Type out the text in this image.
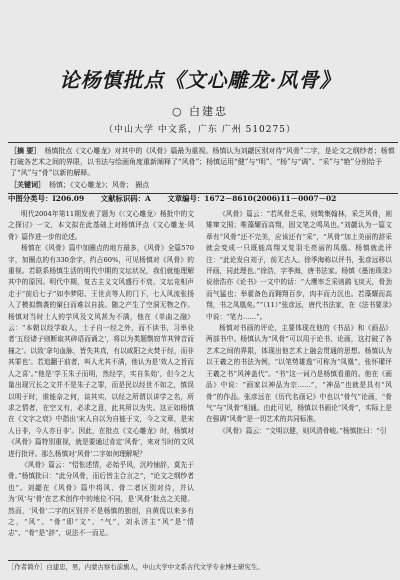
论杨慎批点《文心雕龙·风骨》
○ 白建忠
（中山大学 中文系，广东 广州 510275）
［摘 要］ 杨慎批点《文心雕龙》对其中的《风骨》篇最为重视。杨慎认为刘勰区别对待“风骨”二字，是论文之纲纱者；杨慎打破各艺术之间的界限，以书法与绘画角度重新阐释了“风骨”；杨慎运用“健”与“明”、“杨”与“调”、“采”与“艳”分别给予了“风”与“骨”以新的解释。
［关键词］ 杨慎；《文心雕龙》；风骨； 圈点
中图分类号：I206.09 文献标识码：A 文章编号：1672－8610(2006)11－0007－02

明代2004年第11期发表了题为《〈文心雕龙〉杨批中的文之探讨》一文，本文拟在此基础上对杨慎评点《文心雕龙·风骨》篇作进一步的论述。

杨慎在《风骨》篇中加圈点的地方最多，《风骨》全篇570字，加圈点的有330余字，约占60%，可见杨慎对《风骨》的重视。若联系杨慎生活的明代中期的文坛状况，我们就能理解其中的原因。明代中期，复古主义文风盛行不衰，文坛竞相声走于“前后七子”如李梦阳、王世贞等人的门下，七人风流张扬入了模拟剽袭的窠臼而难以自拔。随之产生了空洞无物之作。杨慎对当时士人的学风及文风甚为不满，他在《单曲之融》云：“本朝以经学取人，士子自一经之外，而不读书，习举业者‘五经诸子则断取其碎语而诵之’，将以为类题剽窃节其钟音而撞之’。以致‘拿句血脉，皆失其真，有以咸阳之火焚于经，而非其罪也’。若追翻于前者，叫人尤其不满，他认为是‘效人之旨而人之喜’。”他是‘学玉朱子而明，然经学，实自朱始’，但今之大量出现冗长之文并不是朱子之罪，而是民以经世不如之，慎误以明于时，谁能奈之何，谈其实，以经之所谓以讲学之名，所求之情者，在空又有，必求之意，此其所以为失。这正如杨慎在《文字之衰》中指出‘宋人自以为自能于文，今之文章，是宋人日非，今人亦日非’。因此，在批点《文心雕龙》时，杨慎对《风骨》篇特别重视，就是要通过肯定‘风骨’，来对当时的文风进行批评。那么杨慎对‘风骨’二字如何理解呢？

《风骨》篇云：“怊怅述情，必始乎风，沉吟铺辞，莫先于骨。”杨慎批曰：“此分风骨，而后皆主合言之”，“论文之纲纱者也”。刘勰在《风骨》篇中将风、骨二者区别对待，并认为‘风’与‘骨’在艺术创作中的地位不同，是‘风骨’批点之关键。然而，‘风骨’二字的区别并不是杨慎的独创，自黄侃以来多有之，“风”、“骨”即“文”、“气”，刘永济主“风”是“情志”、“骨”是“辞”，说法不一而足。

《风骨》篇云：“若风骨乏采，则鸷集翰林，采乏风骨，则雉窜文囿；唯藻耀而高翔，固文笔之鸣凤也。”刘勰认为一篇文章有“风骨”还不完美，应该还有“采”，“风骨”加上美丽的辞采就会变成一只既能高翔又复羽毛亮丽的凤凰。杨慎就此评注：“此论发自刘子，前无古人。徐季海称以评书，张彦远移以评画，同此理也。”徐浩，字季海，唐书法家。杨慎《墨池琐录》说徐浩亦《论书》一文中的话：“大鹰率乏采则鹞飞戾天，骨劲而气猛也；举翟备色而翱翔百步，肉丰而力沉也。若藻耀而高翔，书之凤凰矣。”“（11）”张彦远，唐代书法家，在《法书要录》中说：“笔力……”。

杨慎对书画的评论，主要体现在他的《书品》和《画品》两部书中。杨慎认为“风骨”可以用于论书、论画，这打破了各艺术之间的界限，体现出他艺术上融会贯通的思想。杨慎认为以王羲之的书法为例，“以笔势雄逸”可称为“凤凰”，张怀瓘评王羲之书“风神盖代”。“书”这一词乃是杨慎看重的。他在《画品》中说：“画家以神品为宗……”，“神品”也就是具有“风骨”的作品。张彦远在《历代名画记》中也以“骨气”论画，“骨气”与“风骨”相通。由此可见，杨慎以书画论“风骨”，实际上是在强调“风骨”是一切艺术的共同标准。

《风骨》篇云：“文明以健，则风清骨峻。”杨慎批曰：“引

［作者简介］白建忠，男，内蒙古察右前旗人，中山大学中文系古代文学专业博士研究生。
